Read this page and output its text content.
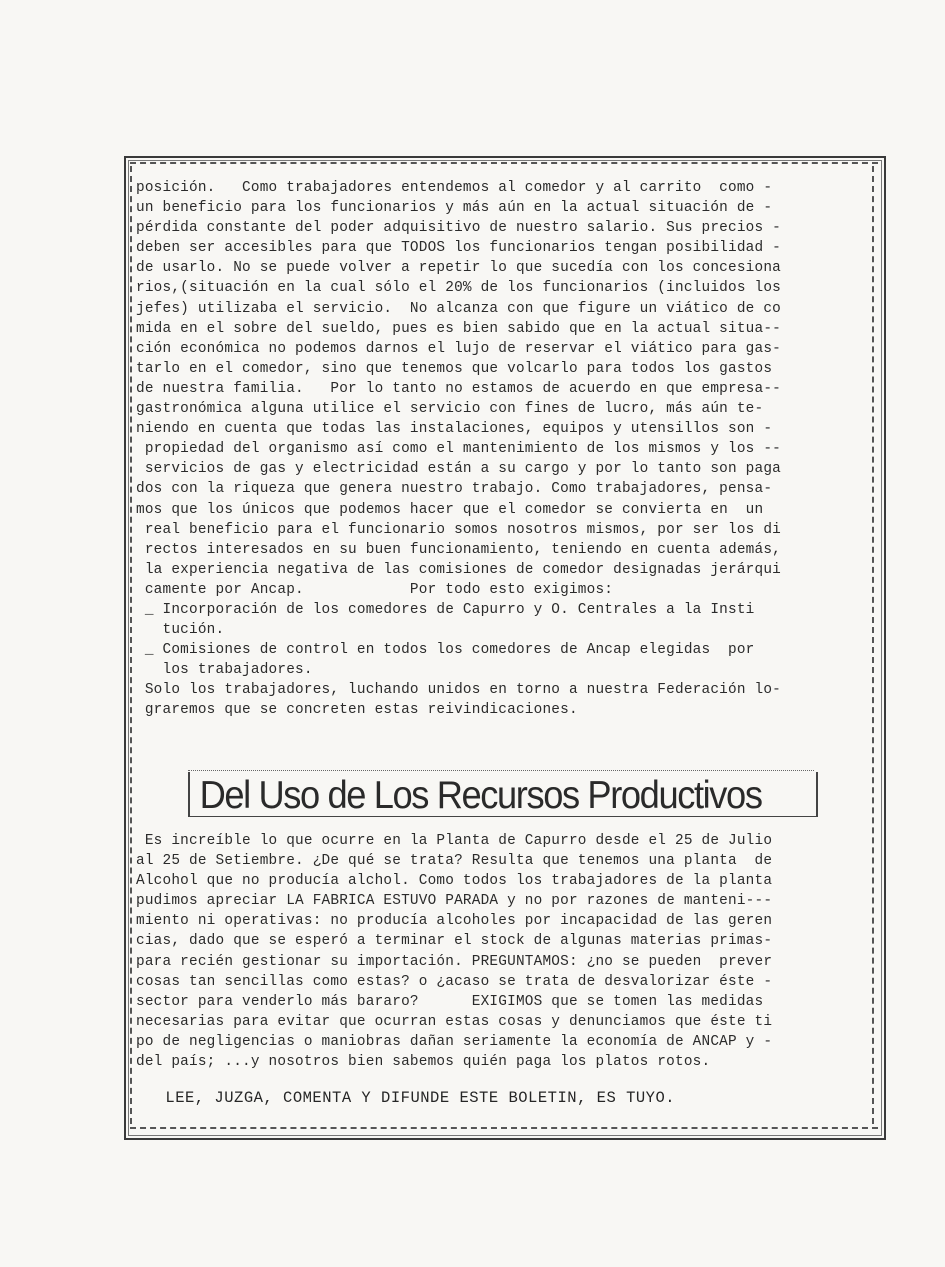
posición.   Como trabajadores entendemos al comedor y al carrito  como -
un beneficio para los funcionarios y más aún en la actual situación de -
pérdida constante del poder adquisitivo de nuestro salario. Sus precios -
deben ser accesibles para que TODOS los funcionarios tengan posibilidad -
de usarlo. No se puede volver a repetir lo que sucedía con los concesiona
rios,(situación en la cual sólo el 20% de los funcionarios (incluidos los
jefes) utilizaba el servicio.  No alcanza con que figure un viático de co
mida en el sobre del sueldo, pues es bien sabido que en la actual situa--
ción económica no podemos darnos el lujo de reservar el viático para gas-
tarlo en el comedor, sino que tenemos que volcarlo para todos los gastos
de nuestra familia.   Por lo tanto no estamos de acuerdo en que empresa--
gastronómica alguna utilice el servicio con fines de lucro, más aún te-
niendo en cuenta que todas las instalaciones, equipos y utensillos son -
propiedad del organismo así como el mantenimiento de los mismos y los --
servicios de gas y electricidad están a su cargo y por lo tanto son paga
dos con la riqueza que genera nuestro trabajo. Como trabajadores, pensa-
mos que los únicos que podemos hacer que el comedor se convierta en  un
real beneficio para el funcionario somos nosotros mismos, por ser los di
rectos interesados en su buen funcionamiento, teniendo en cuenta además,
la experiencia negativa de las comisiones de comedor designadas jerárqui
camente por Ancap.            Por todo esto exigimos:
_ Incorporación de los comedores de Capurro y O. Centrales a la Insti
tución.
_ Comisiones de control en todos los comedores de Ancap elegidas  por
los trabajadores.
Solo los trabajadores, luchando unidos en torno a nuestra Federación lo-
graremos que se concreten estas reivindicaciones.
Del Uso de Los Recursos Productivos
Es increíble lo que ocurre en la Planta de Capurro desde el 25 de Julio
al 25 de Setiembre. ¿De qué se trata? Resulta que tenemos una planta  de
Alcohol que no producía alchol. Como todos los trabajadores de la planta
pudimos apreciar LA FABRICA ESTUVO PARADA y no por razones de manteni---
miento ni operativas: no producía alcoholes por incapacidad de las geren
cias, dado que se esperó a terminar el stock de algunas materias primas-
para recién gestionar su importación. PREGUNTAMOS: ¿no se pueden  prever
cosas tan sencillas como estas? o ¿acaso se trata de desvalorizar éste -
sector para venderlo más bararo?      EXIGIMOS que se tomen las medidas
necesarias para evitar que ocurran estas cosas y denunciamos que éste ti
po de negligencias o maniobras dañan seriamente la economía de ANCAP y -
del país; ...y nosotros bien sabemos quién paga los platos rotos.
LEE, JUZGA, COMENTA Y DIFUNDE ESTE BOLETIN, ES TUYO.
